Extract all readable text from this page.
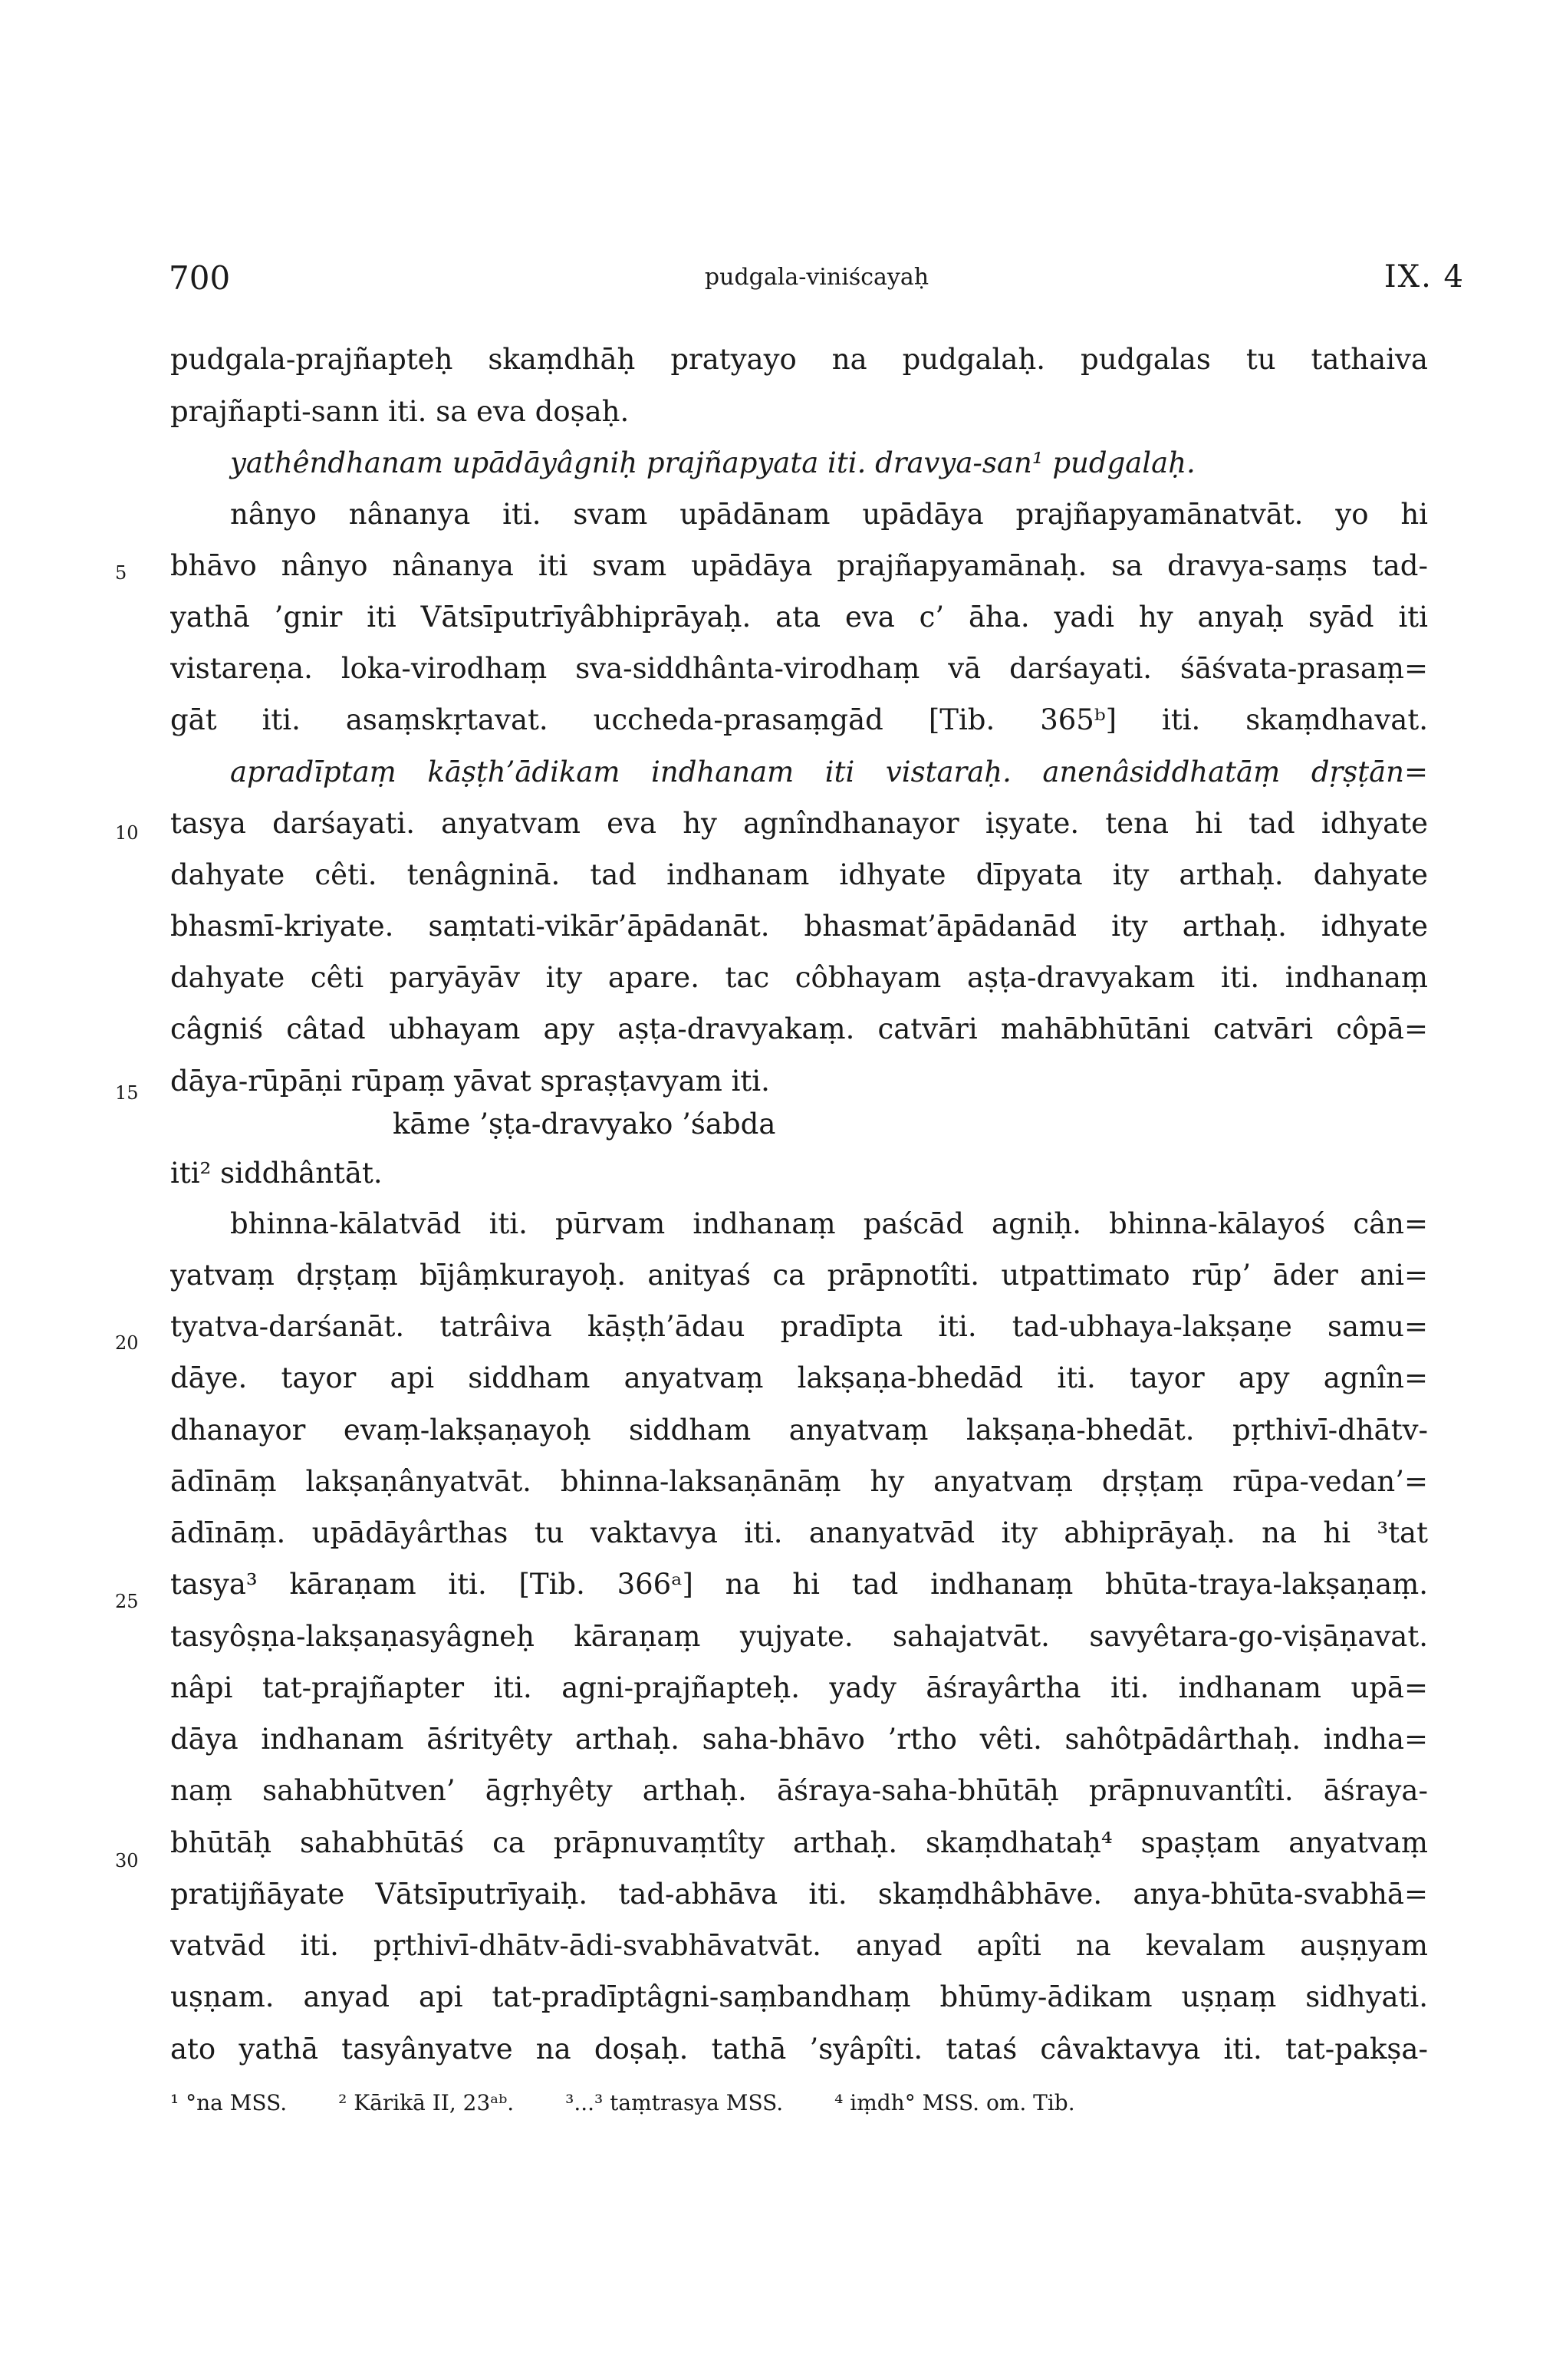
700	pudgala-viniścayaḥ	IX. 4
5
10
15
20
25
30
pudgala-prajñapteḥ skaṃdhāḥ pratyayo na pudgalaḥ. pudgalas tu tathaiva
prajñapti-sann iti. sa eva doṣaḥ.
yathêndhanam upādāyâgniḥ prajñapyata iti. dravya-san¹ pudgalaḥ.
nânyo nânanya iti. svam upādānam upādāya prajñapyamānatvāt. yo hi
bhāvo nânyo nânanya iti svam upādāya prajñapyamānaḥ. sa dravya-saṃs tad-
yathā ’gnir iti Vātsīputrīyâbhiprāyaḥ. ata eva c’ āha. yadi hy anyaḥ syād iti
vistareṇa. loka-virodhaṃ sva-siddhânta-virodhaṃ vā darśayati. śāśvata-prasaṃ=
gāt iti. asaṃskṛtavat. uccheda-prasaṃgād [Tib. 365ᵇ] iti. skaṃdhavat.
apradīptaṃ kāṣṭh’ādikam indhanam iti vistaraḥ. anenâsiddhatāṃ dṛṣṭān=
tasya darśayati. anyatvam eva hy agnîndhanayor iṣyate. tena hi tad idhyate
dahyate cêti. tenâgninā. tad indhanam idhyate dīpyata ity arthaḥ. dahyate
bhasmī-kriyate. saṃtati-vikār’āpādanāt. bhasmat’āpādanād ity arthaḥ. idhyate
dahyate cêti paryāyāv ity apare. tac côbhayam aṣṭa-dravyakam iti. indhanaṃ
câgniś câtad ubhayam apy aṣṭa-dravyakaṃ. catvāri mahābhūtāni catvāri côpā=
dāya-rūpāṇi rūpaṃ yāvat spraṣṭavyam iti.
kāme ’ṣṭa-dravyako ’śabda
iti² siddhântāt.
bhinna-kālatvād iti. pūrvam indhanaṃ paścād agniḥ. bhinna-kālayoś cân=
yatvaṃ dṛṣṭaṃ bījâṃkurayoḥ. anityaś ca prāpnotîti. utpattimato rūp’ āder ani=
tyatva-darśanāt. tatrâiva kāṣṭh’ādau pradīpta iti. tad-ubhaya-lakṣaṇe samu=
dāye. tayor api siddham anyatvaṃ lakṣaṇa-bhedād iti. tayor apy agnîn=
dhanayor evaṃ-lakṣaṇayoḥ siddham anyatvaṃ lakṣaṇa-bhedāt. pṛthivī-dhātv-
ādīnāṃ lakṣaṇânyatvāt. bhinna-laksaṇānāṃ hy anyatvaṃ dṛṣṭaṃ rūpa-vedan’=
ādīnāṃ. upādāyârthas tu vaktavya iti. ananyatvād ity abhiprāyaḥ. na hi ³tat
tasya³ kāraṇam iti. [Tib. 366ᵃ] na hi tad indhanaṃ bhūta-traya-lakṣaṇaṃ.
tasyôṣṇa-lakṣaṇasyâgneḥ kāraṇaṃ yujyate. sahajatvāt. savyêtara-go-viṣāṇavat.
nâpi tat-prajñapter iti. agni-prajñapteḥ. yady āśrayârtha iti. indhanam upā=
dāya indhanam āśrityêty arthaḥ. saha-bhāvo ’rtho vêti. sahôtpādârthaḥ. indha=
naṃ sahabhūtven’ āgṛhyêty arthaḥ. āśraya-saha-bhūtāḥ prāpnuvantîti. āśraya-
bhūtāḥ sahabhūtāś ca prāpnuvaṃtîty arthaḥ. skaṃdhataḥ⁴ spaṣṭam anyatvaṃ
pratijñāyate Vātsīputrīyaiḥ. tad-abhāva iti. skaṃdhâbhāve. anya-bhūta-svabhā=
vatvād iti. pṛthivī-dhātv-ādi-svabhāvatvāt. anyad apîti na kevalam auṣṇyam
uṣṇam. anyad api tat-pradīptâgni-saṃbandhaṃ bhūmy-ādikam uṣṇaṃ sidhyati.
ato yathā tasyânyatve na doṣaḥ. tathā ’syâpîti. tataś câvaktavya iti. tat-pakṣa-
¹ °na MSS. ² Kārikā II, 23ᵃᵇ. ³...³ taṃtrasya MSS. ⁴ iṃdh° MSS. om. Tib.
